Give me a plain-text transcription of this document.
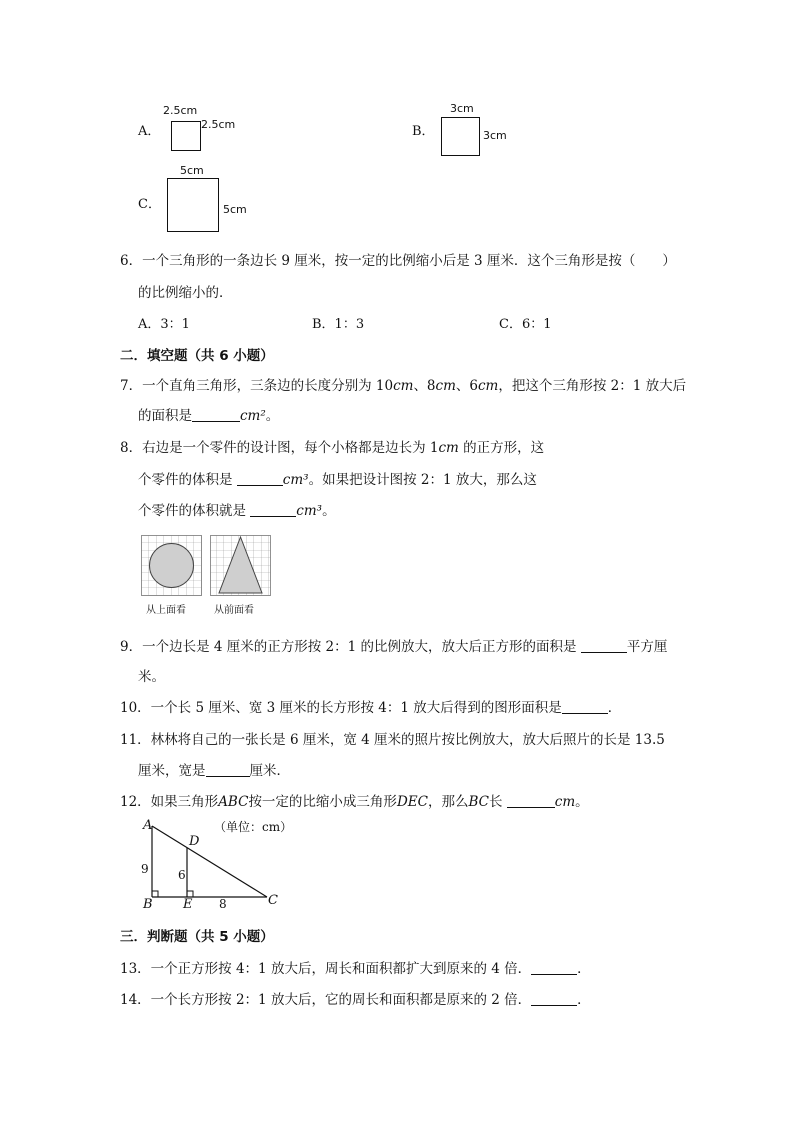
A．
2.5cm
2.5cm	B．
3cm
3cm
C．
5cm
5cm
6．一个三角形的一条边长 9 厘米，按一定的比例缩小后是 3 厘米．这个三角形是按（　　）
的比例缩小的．
A．3：1	B．1：3	C．6：1
二．填空题（共 6 小题）
7．一个直角三角形，三条边的长度分别为 10cm、8cm、6cm，把这个三角形按 2：1 放大后
的面积是	cm²。
8．右边是一个零件的设计图，每个小格都是边长为 1cm 的正方形，这
个零件的体积是	cm³。如果把设计图按 2：1 放大，那么这
个零件的体积就是	cm³。
从上面看	从前面看
9．一个边长是 4 厘米的正方形按 2：1 的比例放大，放大后正方形的面积是	平方厘
米。
10．一个长 5 厘米、宽 3 厘米的长方形按 4：1 放大后得到的图形面积是	．
11．林林将自己的一张长是 6 厘米，宽 4 厘米的照片按比例放大，放大后照片的长是 13.5
厘米，宽是	厘米．
12．如果三角形ABC按一定的比缩小成三角形DEC，那么BC长	cm。
A
D
B E	C
9 6
8
（单位：cm）
三．判断题（共 5 小题）
13．一个正方形按 4：1 放大后，周长和面积都扩大到原来的 4 倍．	．
14．一个长方形按 2：1 放大后，它的周长和面积都是原来的 2 倍．	．
